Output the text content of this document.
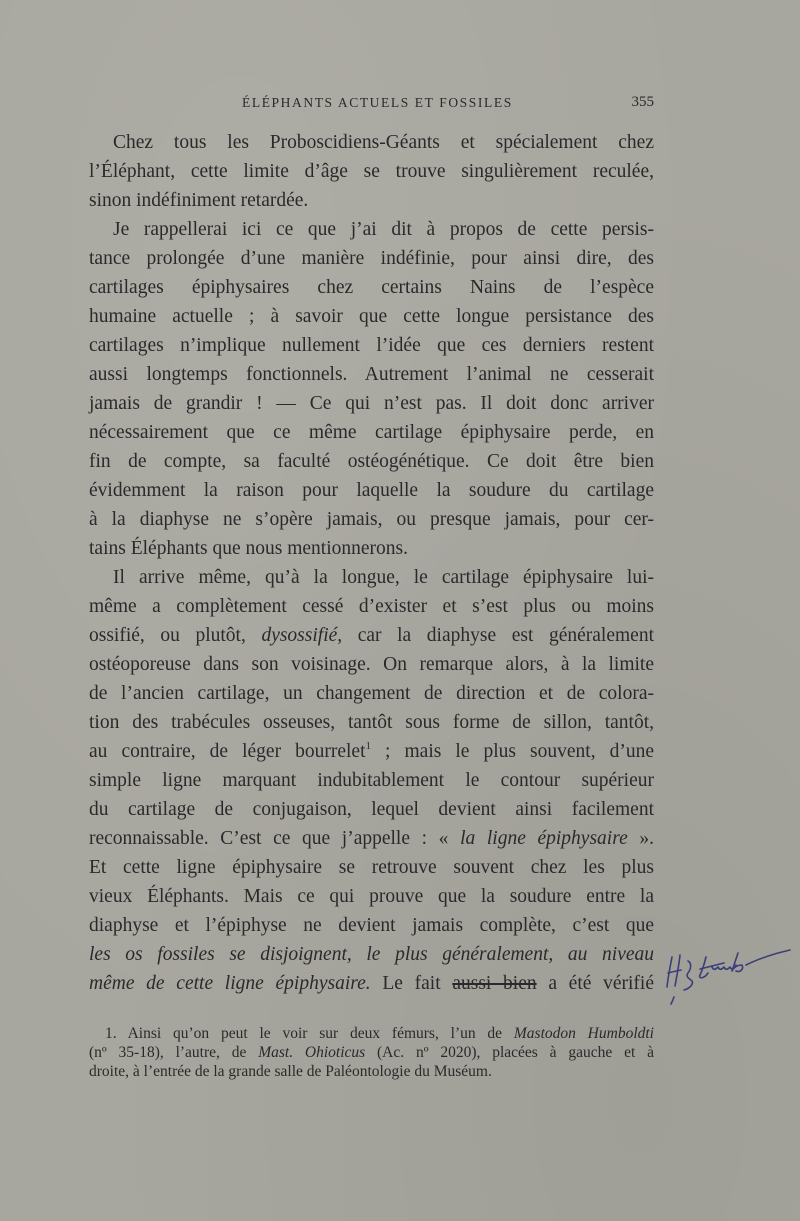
ÉLÉPHANTS ACTUELS ET FOSSILES	355
Chez tous les Proboscidiens-Géants et spécialement chez
l’Éléphant, cette limite d’âge se trouve singulièrement reculée,
sinon indéfiniment retardée.
Je rappellerai ici ce que j’ai dit à propos de cette persis-
tance prolongée d’une manière indéfinie, pour ainsi dire, des
cartilages épiphysaires chez certains Nains de l’espèce
humaine actuelle ; à savoir que cette longue persistance des
cartilages n’implique nullement l’idée que ces derniers restent
aussi longtemps fonctionnels. Autrement l’animal ne cesserait
jamais de grandir ! — Ce qui n’est pas. Il doit donc arriver
nécessairement que ce même cartilage épiphysaire perde, en
fin de compte, sa faculté ostéogénétique. Ce doit être bien
évidemment la raison pour laquelle la soudure du cartilage
à la diaphyse ne s’opère jamais, ou presque jamais, pour cer-
tains Éléphants que nous mentionnerons.
Il arrive même, qu’à la longue, le cartilage épiphysaire lui-
même a complètement cessé d’exister et s’est plus ou moins
ossifié, ou plutôt, dysossifié, car la diaphyse est généralement
ostéoporeuse dans son voisinage. On remarque alors, à la limite
de l’ancien cartilage, un changement de direction et de colora-
tion des trabécules osseuses, tantôt sous forme de sillon, tantôt,
au contraire, de léger bourrelet$^1$ ; mais le plus souvent, d’une
simple ligne marquant indubitablement le contour supérieur
du cartilage de conjugaison, lequel devient ainsi facilement
reconnaissable. C’est ce que j’appelle : « la ligne épiphysaire ».
Et cette ligne épiphysaire se retrouve souvent chez les plus
vieux Éléphants. Mais ce qui prouve que la soudure entre la
diaphyse et l’épiphyse ne devient jamais complète, c’est que
les os fossiles se disjoignent, le plus généralement, au niveau
même de cette ligne épiphysaire. Le fait aussi bien a été vérifié
1. Ainsi qu’on peut le voir sur deux fémurs, l’un de Mastodon Humboldti
(nº 35-18), l’autre, de Mast. Ohioticus (Ac. nº 2020), placées à gauche et à
droite, à l’entrée de la grande salle de Paléontologie du Muséum.
